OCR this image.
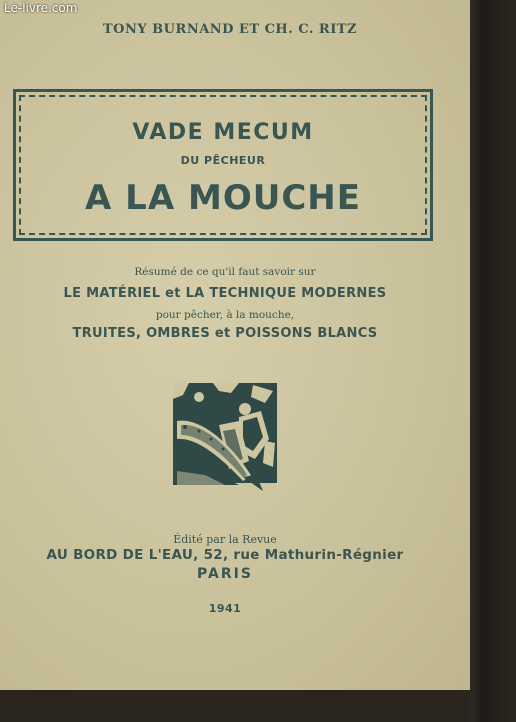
TONY BURNAND ET CH. C. RITZ
VADE MECUM
DU PÊCHEUR
A LA MOUCHE
Résumé de ce qu'il faut savoir sur
LE MATÉRIEL et LA TECHNIQUE MODERNES
pour pêcher, à la mouche,
TRUITES, OMBRES et POISSONS BLANCS
Édité par la Revue
AU BORD DE L'EAU, 52, rue Mathurin-Régnier
PARIS
1941
Le-livre.com
